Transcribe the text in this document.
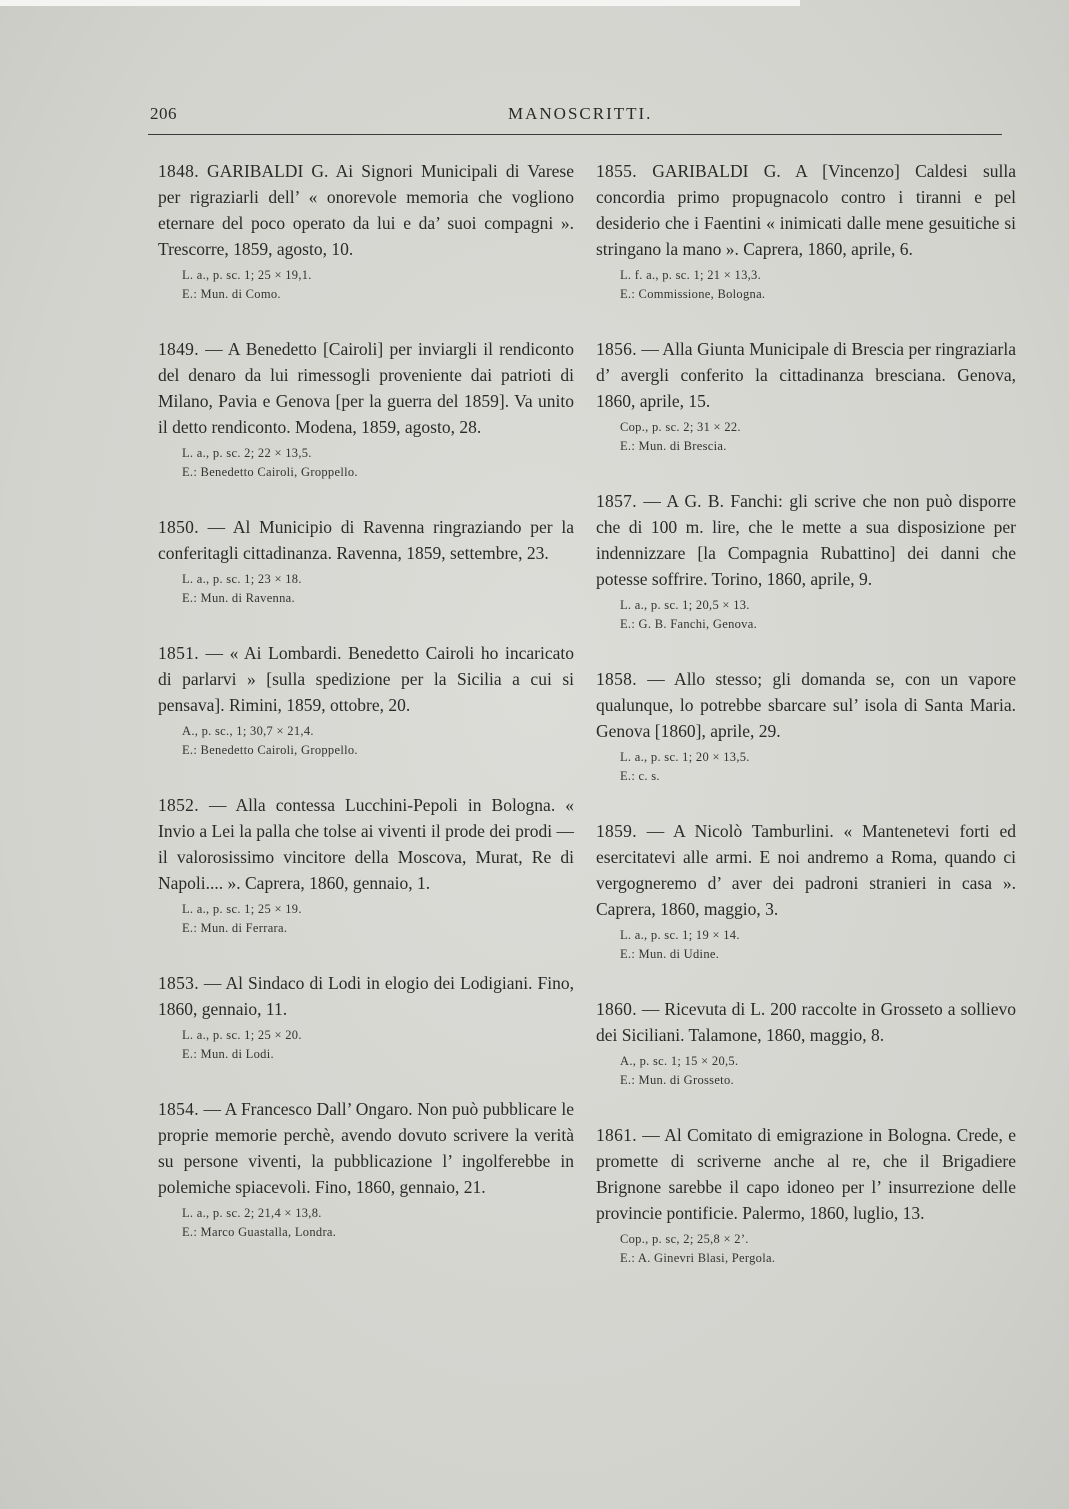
206	MANOSCRITTI.

1848. GARIBALDI G. Ai Signori Municipali di Varese per rigraziarli dell’ « onorevole memoria che vogliono eternare del poco operato da lui e da’ suoi compagni ». Trescorre, 1859, agosto, 10.

L. a., p. sc. 1; 25 × 19,1.
E.: Mun. di Como.

1849. — A Benedetto [Cairoli] per inviargli il rendiconto del denaro da lui rimessogli proveniente dai patrioti di Milano, Pavia e Genova [per la guerra del 1859]. Va unito il detto rendiconto. Modena, 1859, agosto, 28.

L. a., p. sc. 2; 22 × 13,5.
E.: Benedetto Cairoli, Groppello.

1850. — Al Municipio di Ravenna ringraziando per la conferitagli cittadinanza. Ravenna, 1859, settembre, 23.

L. a., p. sc. 1; 23 × 18.
E.: Mun. di Ravenna.

1851. — « Ai Lombardi. Benedetto Cairoli ho incaricato di parlarvi » [sulla spedizione per la Sicilia a cui si pensava]. Rimini, 1859, ottobre, 20.

A., p. sc., 1; 30,7 × 21,4.
E.: Benedetto Cairoli, Groppello.

1852. — Alla contessa Lucchini-Pepoli in Bologna. « Invio a Lei la palla che tolse ai viventi il prode dei prodi — il valorosissimo vincitore della Moscova, Murat, Re di Napoli.... ». Caprera, 1860, gennaio, 1.

L. a., p. sc. 1; 25 × 19.
E.: Mun. di Ferrara.

1853. — Al Sindaco di Lodi in elogio dei Lodigiani. Fino, 1860, gennaio, 11.

L. a., p. sc. 1; 25 × 20.
E.: Mun. di Lodi.

1854. — A Francesco Dall’ Ongaro. Non può pubblicare le proprie memorie perchè, avendo dovuto scrivere la verità su persone viventi, la pubblicazione l’ ingolferebbe in polemiche spiacevoli. Fino, 1860, gennaio, 21.

L. a., p. sc. 2; 21,4 × 13,8.
E.: Marco Guastalla, Londra.

1855. GARIBALDI G. A [Vincenzo] Caldesi sulla concordia primo propugnacolo contro i tiranni e pel desiderio che i Faentini « inimicati dalle mene gesuitiche si stringano la mano ». Caprera, 1860, aprile, 6.

L. f. a., p. sc. 1; 21 × 13,3.
E.: Commissione, Bologna.

1856. — Alla Giunta Municipale di Brescia per ringraziarla d’ avergli conferito la cittadinanza bresciana. Genova, 1860, aprile, 15.

Cop., p. sc. 2; 31 × 22.
E.: Mun. di Brescia.

1857. — A G. B. Fanchi: gli scrive che non può disporre che di 100 m. lire, che le mette a sua disposizione per indennizzare [la Compagnia Rubattino] dei danni che potesse soffrire. Torino, 1860, aprile, 9.

L. a., p. sc. 1; 20,5 × 13.
E.: G. B. Fanchi, Genova.

1858. — Allo stesso; gli domanda se, con un vapore qualunque, lo potrebbe sbarcare sul’ isola di Santa Maria. Genova [1860], aprile, 29.

L. a., p. sc. 1; 20 × 13,5.
E.: c. s.

1859. — A Nicolò Tamburlini. « Mantenetevi forti ed esercitatevi alle armi. E noi andremo a Roma, quando ci vergogneremo d’ aver dei padroni stranieri in casa ». Caprera, 1860, maggio, 3.

L. a., p. sc. 1; 19 × 14.
E.: Mun. di Udine.

1860. — Ricevuta di L. 200 raccolte in Grosseto a sollievo dei Siciliani. Talamone, 1860, maggio, 8.

A., p. sc. 1; 15 × 20,5.
E.: Mun. di Grosseto.

1861. — Al Comitato di emigrazione in Bologna. Crede, e promette di scriverne anche al re, che il Brigadiere Brignone sarebbe il capo idoneo per l’ insurrezione delle provincie pontificie. Palermo, 1860, luglio, 13.

Cop., p. sc, 2; 25,8 × 2’.
E.: A. Ginevri Blasi, Pergola.
